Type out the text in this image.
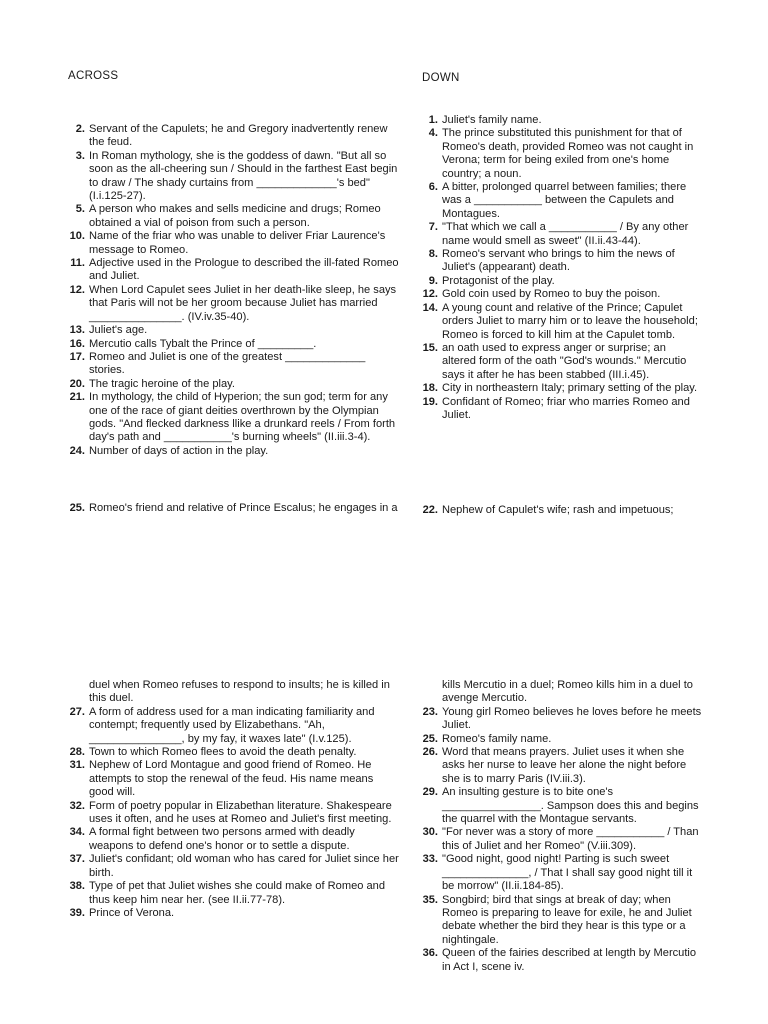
ACROSS	DOWN
2. Servant of the Capulets; he and Gregory inadvertently renew the feud.
3. In Roman mythology, she is the goddess of dawn. "But all so soon as the all-cheering sun / Should in the farthest East begin to draw / The shady curtains from _____________'s bed" (I.i.125-27).
5. A person who makes and sells medicine and drugs; Romeo obtained a vial of poison from such a person.
10. Name of the friar who was unable to deliver Friar Laurence's message to Romeo.
11. Adjective used in the Prologue to described the ill-fated Romeo and Juliet.
12. When Lord Capulet sees Juliet in her death-like sleep, he says that Paris will not be her groom because Juliet has married _______________. (IV.iv.35-40).
13. Juliet's age.
16. Mercutio calls Tybalt the Prince of _________.
17. Romeo and Juliet is one of the greatest _____________ stories.
20. The tragic heroine of the play.
21. In mythology, the child of Hyperion; the sun god; term for any one of the race of giant deities overthrown by the Olympian gods. "And flecked darkness llike a drunkard reels / From forth day's path and ___________'s burning wheels" (II.iii.3-4).
24. Number of days of action in the play.
1. Juliet's family name.
4. The prince substituted this punishment for that of Romeo's death, provided Romeo was not caught in Verona; term for being exiled from one's home country; a noun.
6. A bitter, prolonged quarrel between families; there was a ___________ between the Capulets and Montagues.
7. "That which we call a ___________ / By any other name would smell as sweet" (II.ii.43-44).
8. Romeo's servant who brings to him the news of Juliet's (appearant) death.
9. Protagonist of the play.
12. Gold coin used by Romeo to buy the poison.
14. A young count and relative of the Prince; Capulet orders Juliet to marry him or to leave the household; Romeo is forced to kill him at the Capulet tomb.
15. an oath used to express anger or surprise; an altered form of the oath "God's wounds." Mercutio says it after he has been stabbed (III.i.45).
18. City in northeastern Italy; primary setting of the play.
19. Confidant of Romeo; friar who marries Romeo and Juliet.
25. Romeo's friend and relative of Prince Escalus; he engages in a	22. Nephew of Capulet's wife; rash and impetuous;
duel when Romeo refuses to respond to insults; he is killed in this duel.
27. A form of address used for a man indicating familiarity and contempt; frequently used by Elizabethans. "Ah, _______________, by my fay, it waxes late" (I.v.125).
28. Town to which Romeo flees to avoid the death penalty.
31. Nephew of Lord Montague and good friend of Romeo. He attempts to stop the renewal of the feud. His name means good will.
32. Form of poetry popular in Elizabethan literature. Shakespeare uses it often, and he uses at Romeo and Juliet's first meeting.
34. A formal fight between two persons armed with deadly weapons to defend one's honor or to settle a dispute.
37. Juliet's confidant; old woman who has cared for Juliet since her birth.
38. Type of pet that Juliet wishes she could make of Romeo and thus keep him near her. (see II.ii.77-78).
39. Prince of Verona.
kills Mercutio in a duel; Romeo kills him in a duel to avenge Mercutio.
23. Young girl Romeo believes he loves before he meets Juliet.
25. Romeo's family name.
26. Word that means prayers. Juliet uses it when she asks her nurse to leave her alone the night before she is to marry Paris (IV.iii.3).
29. An insulting gesture is to bite one's ________________. Sampson does this and begins the quarrel with the Montague servants.
30. "For never was a story of more ___________ / Than this of Juliet and her Romeo" (V.iii.309).
33. "Good night, good night! Parting is such sweet ______________, / That I shall say good night till it be morrow" (II.ii.184-85).
35. Songbird; bird that sings at break of day; when Romeo is preparing to leave for exile, he and Juliet debate whether the bird they hear is this type or a nightingale.
36. Queen of the fairies described at length by Mercutio in Act I, scene iv.
